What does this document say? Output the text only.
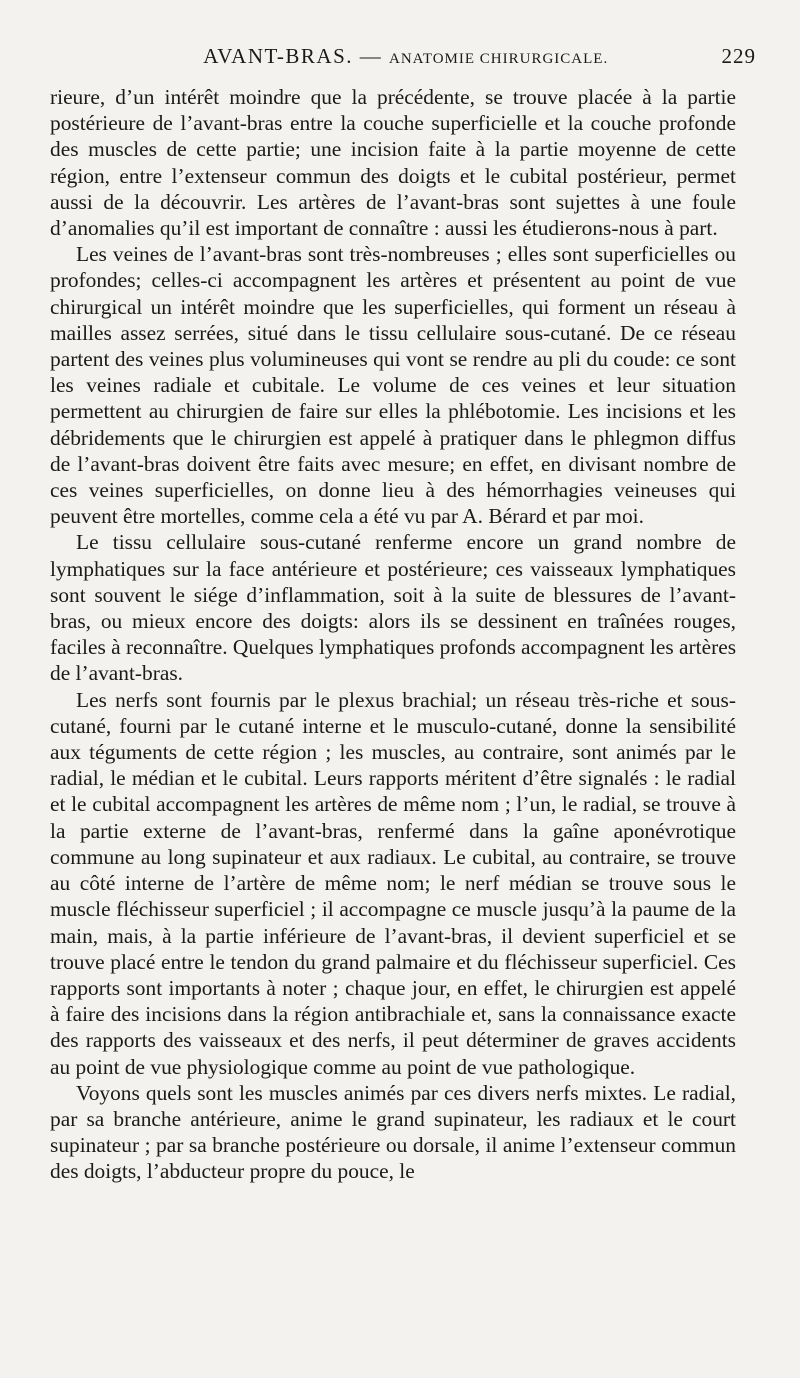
AVANT-BRAS. — ANATOMIE CHIRURGICALE.	229

rieure, d’un intérêt moindre que la précédente, se trouve placée à la partie postérieure de l’avant-bras entre la couche superficielle et la couche profonde des muscles de cette partie; une incision faite à la partie moyenne de cette région, entre l’extenseur commun des doigts et le cubital postérieur, permet aussi de la découvrir. Les artères de l’avant-bras sont sujettes à une foule d’anomalies qu’il est important de connaître : aussi les étudierons-nous à part.

Les veines de l’avant-bras sont très-nombreuses ; elles sont superficielles ou profondes; celles-ci accompagnent les artères et présentent au point de vue chirurgical un intérêt moindre que les superficielles, qui forment un réseau à mailles assez serrées, situé dans le tissu cellulaire sous-cutané. De ce réseau partent des veines plus volumineuses qui vont se rendre au pli du coude: ce sont les veines radiale et cubitale. Le volume de ces veines et leur situation permettent au chirurgien de faire sur elles la phlébotomie. Les incisions et les débridements que le chirurgien est appelé à pratiquer dans le phlegmon diffus de l’avant-bras doivent être faits avec mesure; en effet, en divisant nombre de ces veines superficielles, on donne lieu à des hémorrhagies veineuses qui peuvent être mortelles, comme cela a été vu par A. Bérard et par moi.

Le tissu cellulaire sous-cutané renferme encore un grand nombre de lymphatiques sur la face antérieure et postérieure; ces vaisseaux lymphatiques sont souvent le siége d’inflammation, soit à la suite de blessures de l’avant-bras, ou mieux encore des doigts: alors ils se dessinent en traînées rouges, faciles à reconnaître. Quelques lymphatiques profonds accompagnent les artères de l’avant-bras.

Les nerfs sont fournis par le plexus brachial; un réseau très-riche et sous-cutané, fourni par le cutané interne et le musculo-cutané, donne la sensibilité aux téguments de cette région ; les muscles, au contraire, sont animés par le radial, le médian et le cubital. Leurs rapports méritent d’être signalés : le radial et le cubital accompagnent les artères de même nom ; l’un, le radial, se trouve à la partie externe de l’avant-bras, renfermé dans la gaîne aponévrotique commune au long supinateur et aux radiaux. Le cubital, au contraire, se trouve au côté interne de l’artère de même nom; le nerf médian se trouve sous le muscle fléchisseur superficiel ; il accompagne ce muscle jusqu’à la paume de la main, mais, à la partie inférieure de l’avant-bras, il devient superficiel et se trouve placé entre le tendon du grand palmaire et du fléchisseur superficiel. Ces rapports sont importants à noter ; chaque jour, en effet, le chirurgien est appelé à faire des incisions dans la région antibrachiale et, sans la connaissance exacte des rapports des vaisseaux et des nerfs, il peut déterminer de graves accidents au point de vue physiologique comme au point de vue pathologique.

Voyons quels sont les muscles animés par ces divers nerfs mixtes. Le radial, par sa branche antérieure, anime le grand supinateur, les radiaux et le court supinateur ; par sa branche postérieure ou dorsale, il anime l’extenseur commun des doigts, l’abducteur propre du pouce, le
